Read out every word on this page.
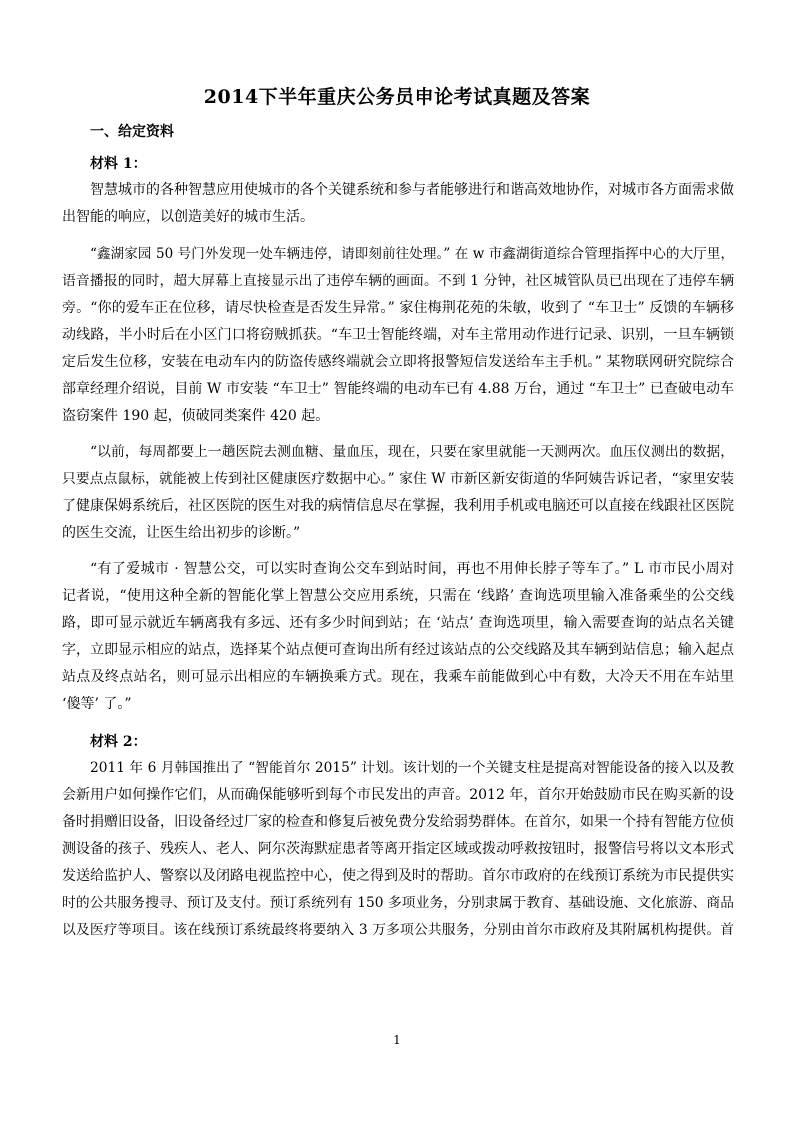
2014下半年重庆公务员申论考试真题及答案
一、给定资料
材料 1：
智慧城市的各种智慧应用使城市的各个关键系统和参与者能够进行和谐高效地协作，对城市各方面需求做
出智能的响应，以创造美好的城市生活。
“鑫湖家园 50 号门外发现一处车辆违停，请即刻前往处理。” 在 w 市鑫湖街道综合管理指挥中心的大厅里，
语音播报的同时，超大屏幕上直接显示出了违停车辆的画面。不到 1 分钟，社区城管队员已出现在了违停车辆
旁。“你的爱车正在位移，请尽快检查是否发生异常。” 家住梅荆花苑的朱敏，收到了 “车卫士” 反馈的车辆移
动线路，半小时后在小区门口将窃贼抓获。“车卫士智能终端，对车主常用动作进行记录、识别，一旦车辆锁
定后发生位移，安装在电动车内的防盗传感终端就会立即将报警短信发送给车主手机。” 某物联网研究院综合
部章经理介绍说，目前 W 市安装 “车卫士” 智能终端的电动车已有 4.88 万台，通过 “车卫士” 已查破电动车
盗窃案件 190 起，侦破同类案件 420 起。
“以前，每周都要上一趟医院去测血糖、量血压，现在，只要在家里就能一天测两次。血压仪测出的数据，
只要点点鼠标，就能被上传到社区健康医疗数据中心。” 家住 W 市新区新安街道的华阿姨告诉记者，“家里安装
了健康保姆系统后，社区医院的医生对我的病情信息尽在掌握，我利用手机或电脑还可以直接在线跟社区医院
的医生交流，让医生给出初步的诊断。”
“有了爱城市 · 智慧公交，可以实时查询公交车到站时间，再也不用伸长脖子等车了。” L 市市民小周对
记者说，“使用这种全新的智能化掌上智慧公交应用系统，只需在 ‘线路’ 查询选项里输入准备乘坐的公交线
路，即可显示就近车辆离我有多远、还有多少时间到站；在 ‘站点’ 查询选项里，输入需要查询的站点名关键
字，立即显示相应的站点，选择某个站点便可查询出所有经过该站点的公交线路及其车辆到站信息；输入起点
站点及终点站名，则可显示出相应的车辆换乘方式。现在，我乘车前能做到心中有数，大冷天不用在车站里
‘傻等’ 了。”
材料 2：
2011 年 6 月韩国推出了 “智能首尔 2015” 计划。该计划的一个关键支柱是提高对智能设备的接入以及教
会新用户如何操作它们，从而确保能够听到每个市民发出的声音。2012 年，首尔开始鼓励市民在购买新的设
备时捐赠旧设备，旧设备经过厂家的检查和修复后被免费分发给弱势群体。在首尔，如果一个持有智能方位侦
测设备的孩子、残疾人、老人、阿尔茨海默症患者等离开指定区域或拨动呼救按钮时，报警信号将以文本形式
发送给监护人、警察以及闭路电视监控中心，使之得到及时的帮助。首尔市政府的在线预订系统为市民提供实
时的公共服务搜寻、预订及支付。预订系统列有 150 多项业务，分别隶属于教育、基础设施、文化旅游、商品
以及医疗等项目。该在线预订系统最终将要纳入 3 万多项公共服务，分别由首尔市政府及其附属机构提供。首
1
